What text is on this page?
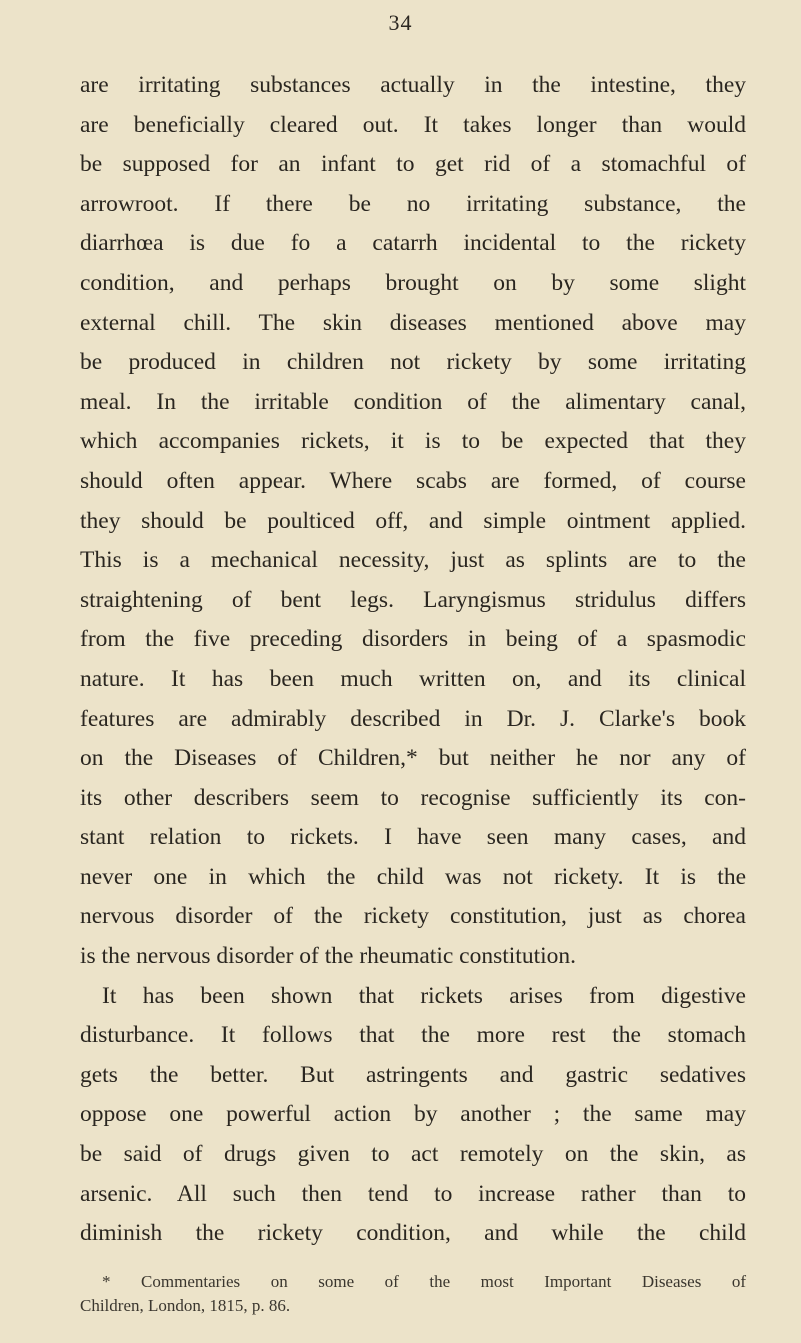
34
are irritating substances actually in the intestine, they
are beneficially cleared out. It takes longer than would
be supposed for an infant to get rid of a stomachful of
arrowroot. If there be no irritating substance, the
diarrhœa is due fo a catarrh incidental to the rickety
condition, and perhaps brought on by some slight
external chill. The skin diseases mentioned above may
be produced in children not rickety by some irritating
meal. In the irritable condition of the alimentary canal,
which accompanies rickets, it is to be expected that they
should often appear. Where scabs are formed, of course
they should be poulticed off, and simple ointment applied.
This is a mechanical necessity, just as splints are to the
straightening of bent legs. Laryngismus stridulus differs
from the five preceding disorders in being of a spasmodic
nature. It has been much written on, and its clinical
features are admirably described in Dr. J. Clarke's book
on the Diseases of Children,* but neither he nor any of
its other describers seem to recognise sufficiently its con-
stant relation to rickets. I have seen many cases, and
never one in which the child was not rickety. It is the
nervous disorder of the rickety constitution, just as chorea
is the nervous disorder of the rheumatic constitution.
It has been shown that rickets arises from digestive
disturbance. It follows that the more rest the stomach
gets the better. But astringents and gastric sedatives
oppose one powerful action by another ; the same may
be said of drugs given to act remotely on the skin, as
arsenic. All such then tend to increase rather than to
diminish the rickety condition, and while the child
* Commentaries on some of the most Important Diseases of
Children, London, 1815, p. 86.
